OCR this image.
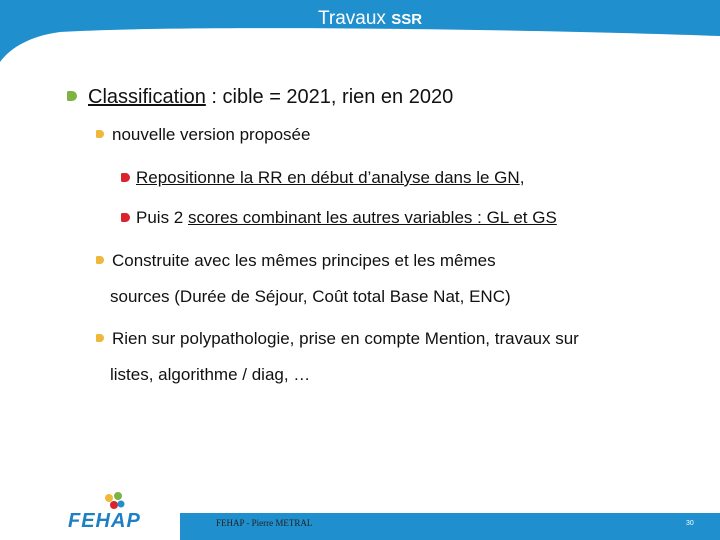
Travaux SSR
Classification : cible = 2021, rien en 2020
nouvelle version proposée
Repositionne la RR en début d’analyse dans le GN,
Puis 2 scores combinant les autres variables : GL et GS
Construite avec les mêmes principes et les mêmes
sources (Durée de Séjour, Coût total Base Nat, ENC)
Rien sur polypathologie, prise en compte Mention, travaux sur
listes, algorithme / diag, …
FEHAP - Pierre METRAL	30
FEHAP
